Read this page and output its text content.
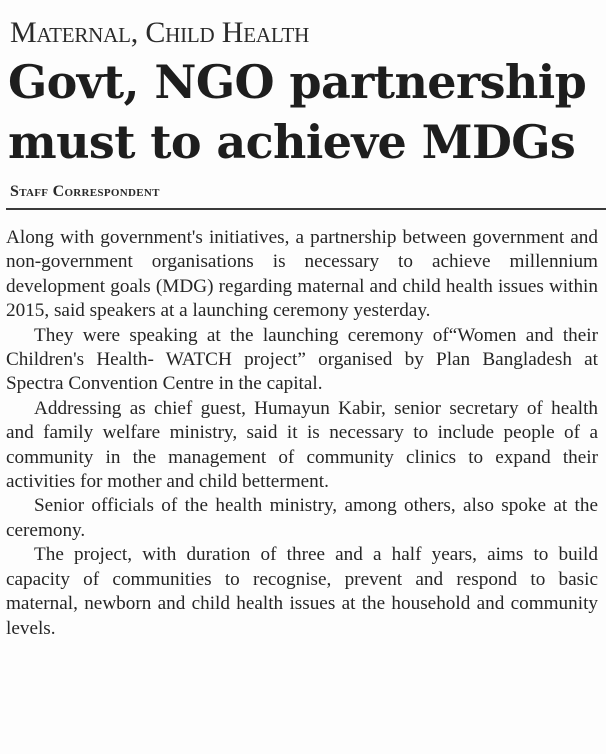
Maternal, Child Health
Govt, NGO partnership
must to achieve MDGs
Staff Correspondent

Along with government's initiatives, a partnership between government and non-government organisations is necessary to achieve millennium development goals (MDG) regarding maternal and child health issues within 2015, said speakers at a launching ceremony yesterday.

They were speaking at the launching ceremony of“Women and their Children's Health- WATCH project” organised by Plan Bangladesh at Spectra Convention Centre in the capital.

Addressing as chief guest, Humayun Kabir, senior secretary of health and family welfare ministry, said it is necessary to include people of a community in the management of community clinics to expand their activities for mother and child betterment.

Senior officials of the health ministry, among others, also spoke at the ceremony.

The project, with duration of three and a half years, aims to build capacity of communities to recognise, prevent and respond to basic maternal, newborn and child health issues at the household and community levels.
